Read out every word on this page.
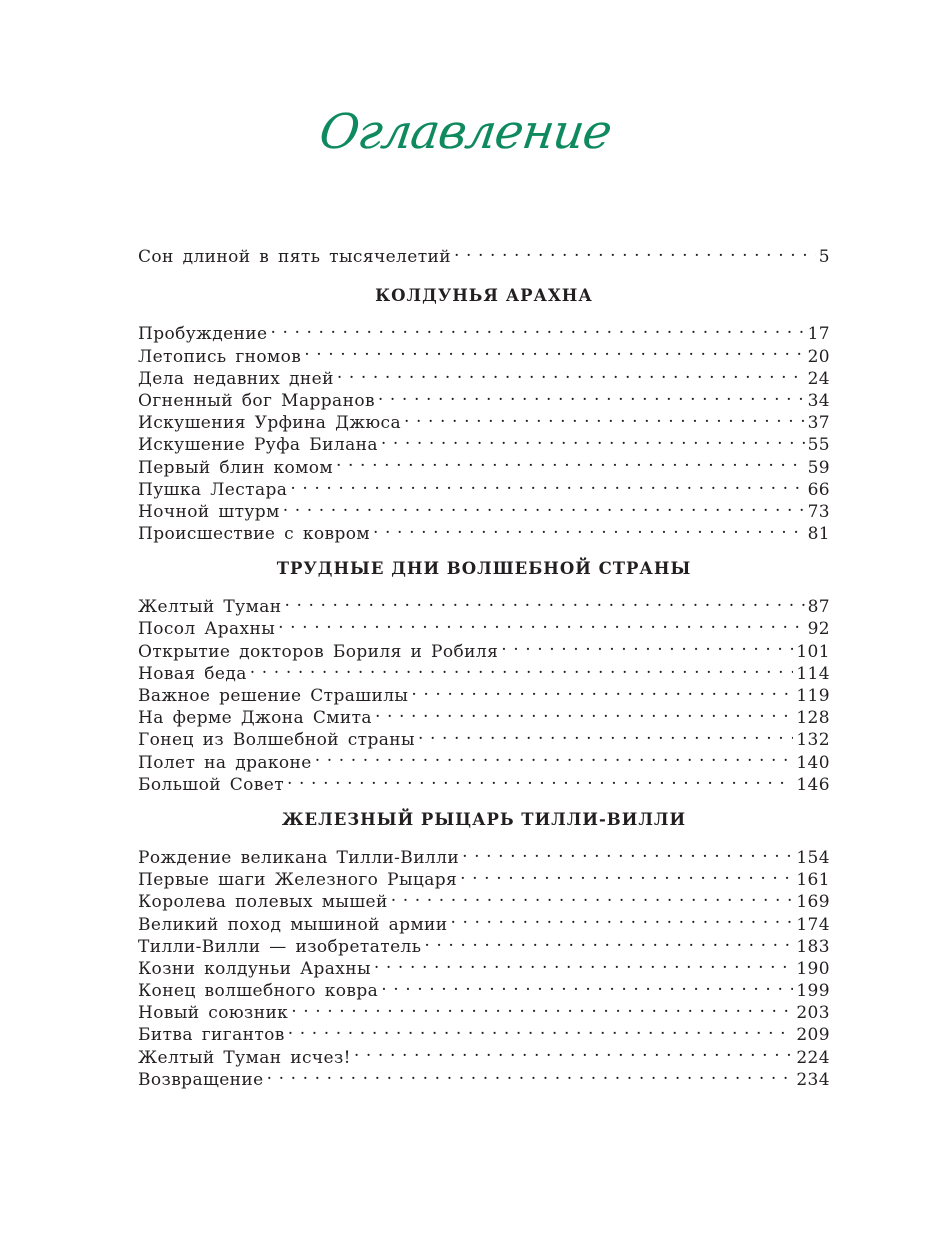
Оглавление
Сон длиной в пять тысячелетий . . .	5
КОЛДУНЬЯ АРАХНА
Пробуждение . . .	17
Летопись гномов . . .	20
Дела недавних дней . . .	24
Огненный бог Марранов . . .	34
Искушения Урфина Джюса . . .	37
Искушение Руфа Билана . . .	55
Первый блин комом . . .	59
Пушка Лестара . . .	66
Ночной штурм . . .	73
Происшествие с ковром . . .	81
ТРУДНЫЕ ДНИ ВОЛШЕБНОЙ СТРАНЫ
Желтый Туман . . .	87
Посол Арахны . . .	92
Открытие докторов Бориля и Робиля . . .	101
Новая беда . . .	114
Важное решение Страшилы . . .	119
На ферме Джона Смита . . .	128
Гонец из Волшебной страны . . .	132
Полет на драконе . . .	140
Большой Совет . . .	146
ЖЕЛЕЗНЫЙ РЫЦАРЬ ТИЛЛИ-ВИЛЛИ
Рождение великана Тилли-Вилли . . .	154
Первые шаги Железного Рыцаря . . .	161
Королева полевых мышей . . .	169
Великий поход мышиной армии . . .	174
Тилли-Вилли — изобретатель . . .	183
Козни колдуньи Арахны . . .	190
Конец волшебного ковра . . .	199
Новый союзник . . .	203
Битва гигантов . . .	209
Желтый Туман исчез! . . .	224
Возвращение . . .	234
